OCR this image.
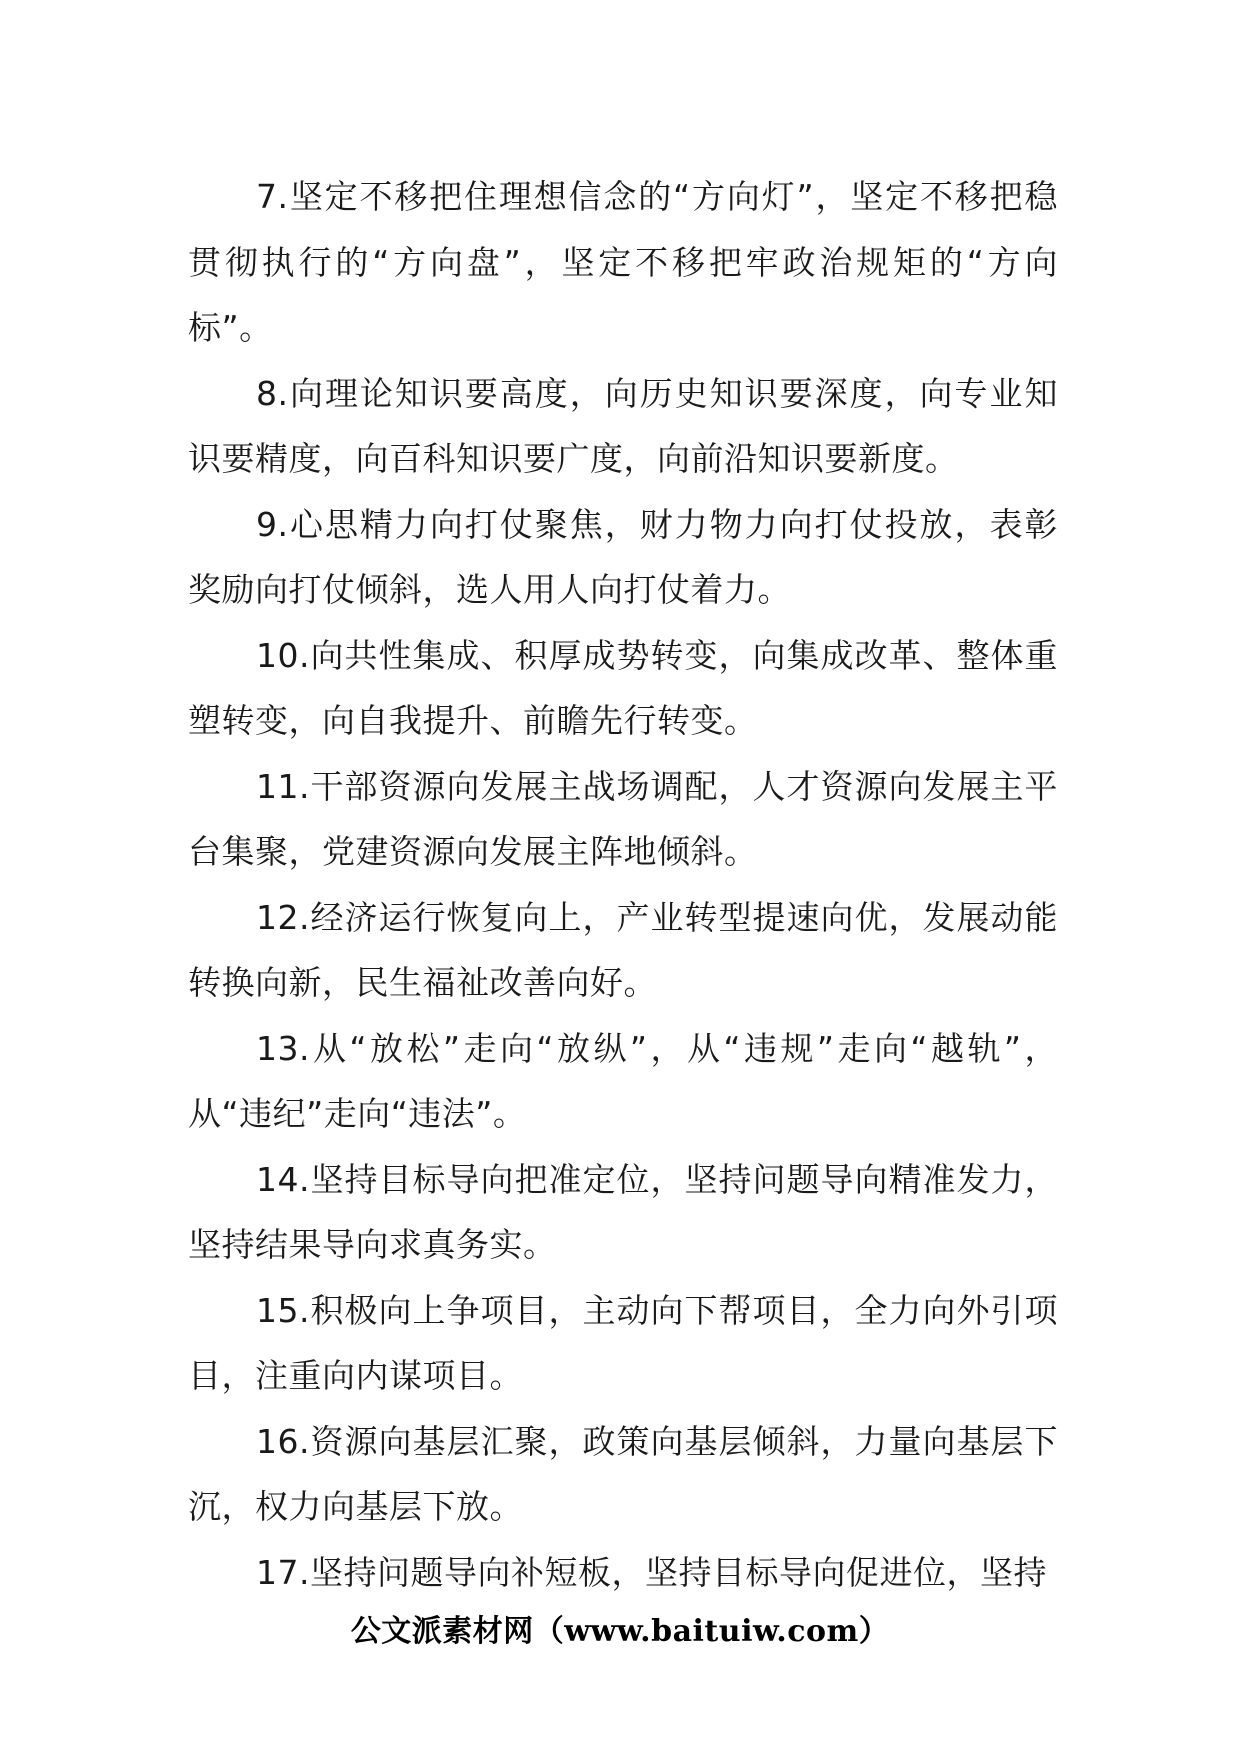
7.坚定不移把住理想信念的“方向灯”，坚定不移把稳贯彻执行的“方向盘”，坚定不移把牢政治规矩的“方向标”。

8.向理论知识要高度，向历史知识要深度，向专业知识要精度，向百科知识要广度，向前沿知识要新度。

9.心思精力向打仗聚焦，财力物力向打仗投放，表彰奖励向打仗倾斜，选人用人向打仗着力。

10.向共性集成、积厚成势转变，向集成改革、整体重塑转变，向自我提升、前瞻先行转变。

11.干部资源向发展主战场调配，人才资源向发展主平台集聚，党建资源向发展主阵地倾斜。

12.经济运行恢复向上，产业转型提速向优，发展动能转换向新，民生福祉改善向好。

13.从“放松”走向“放纵”，从“违规”走向“越轨”，从“违纪”走向“违法”。

14.坚持目标导向把准定位，坚持问题导向精准发力，坚持结果导向求真务实。

15.积极向上争项目，主动向下帮项目，全力向外引项目，注重向内谋项目。

16.资源向基层汇聚，政策向基层倾斜，力量向基层下沉，权力向基层下放。

17.坚持问题导向补短板，坚持目标导向促进位，坚持

公文派素材网（www.baituiw.com）
